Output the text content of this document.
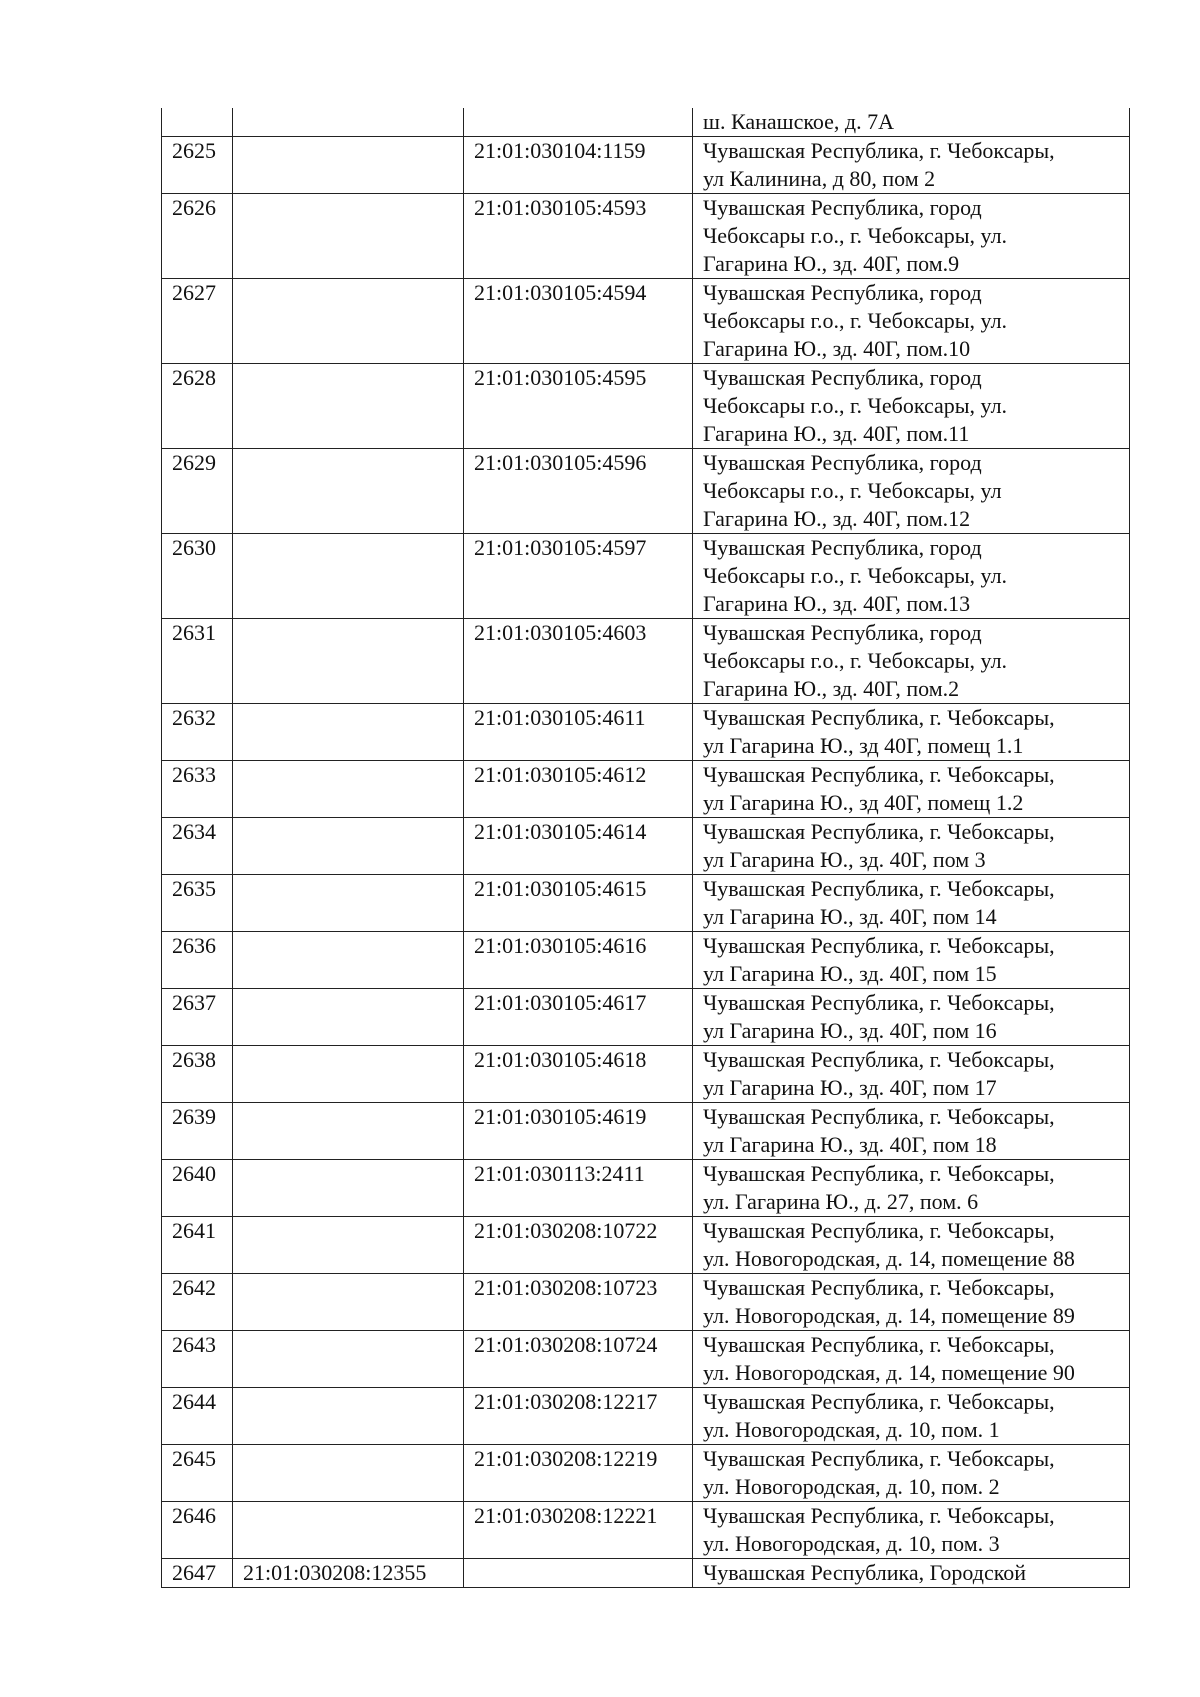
			ш. Канашское, д. 7А
2625		21:01:030104:1159	Чувашская Республика, г. Чебоксары,
ул Калинина, д 80, пом 2
2626		21:01:030105:4593	Чувашская Республика, город
Чебоксары г.о., г. Чебоксары, ул.
Гагарина Ю., зд. 40Г, пом.9
2627		21:01:030105:4594	Чувашская Республика, город
Чебоксары г.о., г. Чебоксары, ул.
Гагарина Ю., зд. 40Г, пом.10
2628		21:01:030105:4595	Чувашская Республика, город
Чебоксары г.о., г. Чебоксары, ул.
Гагарина Ю., зд. 40Г, пом.11
2629		21:01:030105:4596	Чувашская Республика, город
Чебоксары г.о., г. Чебоксары, ул
Гагарина Ю., зд. 40Г, пом.12
2630		21:01:030105:4597	Чувашская Республика, город
Чебоксары г.о., г. Чебоксары, ул.
Гагарина Ю., зд. 40Г, пом.13
2631		21:01:030105:4603	Чувашская Республика, город
Чебоксары г.о., г. Чебоксары, ул.
Гагарина Ю., зд. 40Г, пом.2
2632		21:01:030105:4611	Чувашская Республика, г. Чебоксары,
ул Гагарина Ю., зд 40Г, помещ 1.1
2633		21:01:030105:4612	Чувашская Республика, г. Чебоксары,
ул Гагарина Ю., зд 40Г, помещ 1.2
2634		21:01:030105:4614	Чувашская Республика, г. Чебоксары,
ул Гагарина Ю., зд. 40Г, пом 3
2635		21:01:030105:4615	Чувашская Республика, г. Чебоксары,
ул Гагарина Ю., зд. 40Г, пом 14
2636		21:01:030105:4616	Чувашская Республика, г. Чебоксары,
ул Гагарина Ю., зд. 40Г, пом 15
2637		21:01:030105:4617	Чувашская Республика, г. Чебоксары,
ул Гагарина Ю., зд. 40Г, пом 16
2638		21:01:030105:4618	Чувашская Республика, г. Чебоксары,
ул Гагарина Ю., зд. 40Г, пом 17
2639		21:01:030105:4619	Чувашская Республика, г. Чебоксары,
ул Гагарина Ю., зд. 40Г, пом 18
2640		21:01:030113:2411	Чувашская Республика, г. Чебоксары,
ул. Гагарина Ю., д. 27, пом. 6
2641		21:01:030208:10722	Чувашская Республика, г. Чебоксары,
ул. Новогородская, д. 14, помещение 88
2642		21:01:030208:10723	Чувашская Республика, г. Чебоксары,
ул. Новогородская, д. 14, помещение 89
2643		21:01:030208:10724	Чувашская Республика, г. Чебоксары,
ул. Новогородская, д. 14, помещение 90
2644		21:01:030208:12217	Чувашская Республика, г. Чебоксары,
ул. Новогородская, д. 10, пом. 1
2645		21:01:030208:12219	Чувашская Республика, г. Чебоксары,
ул. Новогородская, д. 10, пом. 2
2646		21:01:030208:12221	Чувашская Республика, г. Чебоксары,
ул. Новогородская, д. 10, пом. 3
2647	21:01:030208:12355		Чувашская Республика, Городской
